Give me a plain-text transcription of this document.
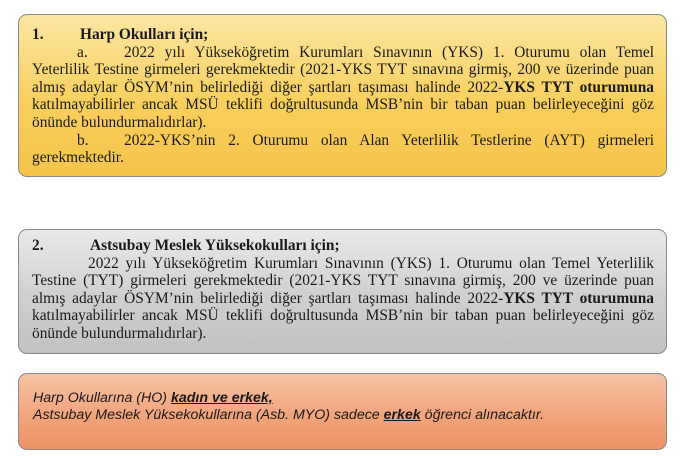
1. Harp Okulları için;
a. 2022 yılı Yükseköğretim Kurumları Sınavının (YKS) 1. Oturumu olan Temel
Yeterlilik Testine girmeleri gerekmektedir (2021-YKS TYT sınavına girmiş, 200 ve üzerinde puan
almış adaylar ÖSYM’nin belirlediği diğer şartları taşıması halinde 2022-YKS TYT oturumuna
katılmayabilirler ancak MSÜ teklifi doğrultusunda MSB’nin bir taban puan belirleyeceğini göz
önünde bulundurmalıdırlar).
b. 2022-YKS’nin 2. Oturumu olan Alan Yeterlilik Testlerine (AYT) girmeleri
gerekmektedir.
2.	Astsubay Meslek Yüksekokulları için;
2022 yılı Yükseköğretim Kurumları Sınavının (YKS) 1. Oturumu olan Temel Yeterlilik
Testine (TYT) girmeleri gerekmektedir (2021-YKS TYT sınavına girmiş, 200 ve üzerinde puan
almış adaylar ÖSYM’nin belirlediği diğer şartları taşıması halinde 2022-YKS TYT oturumuna
katılmayabilirler ancak MSÜ teklifi doğrultusunda MSB’nin bir taban puan belirleyeceğini göz
önünde bulundurmalıdırlar).
Harp Okullarına (HO) kadın ve erkek,
Astsubay Meslek Yüksekokullarına (Asb. MYO) sadece erkek öğrenci alınacaktır.
